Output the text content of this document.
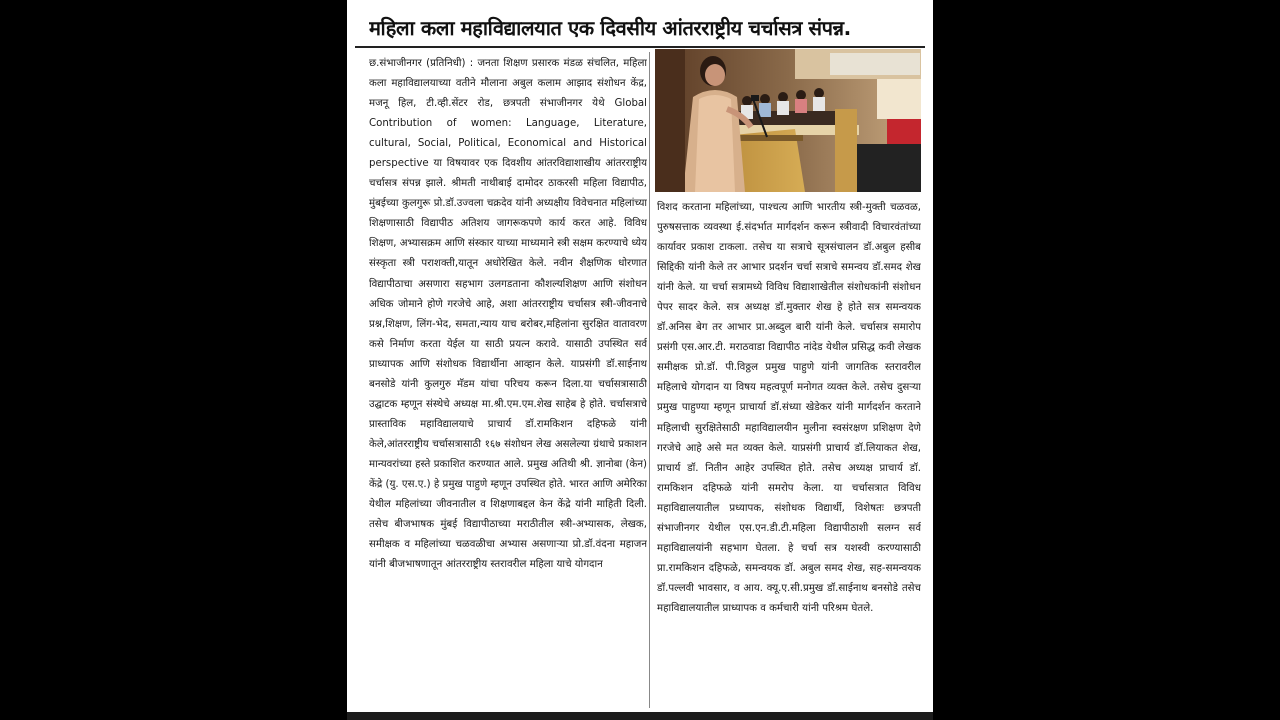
महिला कला महाविद्यालयात एक दिवसीय आंतरराष्ट्रीय चर्चासत्र संपन्न.
छ.संभाजीनगर (प्रतिनिधी) : जनता शिक्षण प्रसारक मंडळ संचलित, महिला कला महाविद्यालयाच्या वतीने मौलाना अबुल कलाम आझाद संशोधन केंद्र, मजनू हिल, टी.व्ही.सेंटर रोड, छत्रपती संभाजीनगर येथे Global Contribution of women: Language, Literature, cultural, Social, Political, Economical and Historical perspective या विषयावर एक दिवशीय आंतरविद्याशाखीय आंतरराष्ट्रीय चर्चासत्र संपन्न झाले. श्रीमती नाथीबाई दामोदर ठाकरसी महिला विद्यापीठ, मुंबईच्या कुलगुरू प्रो.डॉ.उज्वला चक्रदेव यांनी अध्यक्षीय विवेचनात महिलांच्या शिक्षणासाठी विद्यापीठ अतिशय जागरूकपणे कार्य करत आहे. विविध शिक्षण, अभ्यासक्रम आणि संस्कार याच्या माध्यमाने स्त्री सक्षम करण्याचे ध्येय संस्कृता स्त्री पराशक्ती,यातून अधोरेखित केले. नवीन शैक्षणिक धोरणात विद्यापीठाचा असणारा सहभाग उलगडताना कौशल्यशिक्षण आणि संशोधन अधिक जोमाने होणे गरजेचे आहे, अशा आंतरराष्ट्रीय चर्चासत्र स्त्री-जीवनाचे प्रश्न,शिक्षण, लिंग-भेद, समता,न्याय याच बरोबर,महिलांना सुरक्षित वातावरण कसे निर्माण करता येईल या साठी प्रयत्न करावे. यासाठी उपस्थित सर्व प्राध्यापक आणि संशोधक विद्यार्थीना आव्हान केले. याप्रसंगी डॉ.साईनाथ बनसोडे यांनी कुलगुरु मॅडम यांचा परिचय करून दिला.या चर्चासत्रासाठी उद्घाटक म्हणून संस्थेचे अध्यक्ष मा.श्री.एम.एम.शेख साहेब हे होते. चर्चासत्राचे प्रास्ताविक महाविद्यालयाचे प्राचार्य डॉ.रामकिशन दहिफळे यांनी केले,आंतरराष्ट्रीय चर्चासत्रासाठी १६७ संशोधन लेख असलेल्या ग्रंथाचे प्रकाशन मान्यवरांच्या हस्ते प्रकाशित करण्यात आले. प्रमुख अतिथी श्री. ज्ञानोबा (केन) केंद्रे (यु. एस.ए.) हे प्रमुख पाहुणे म्हणून उपस्थित होते. भारत आणि अमेरिका येथील महिलांच्या जीवनातील व शिक्षणाबद्दल केन केंद्रे यांनी माहिती दिली. तसेच बीजभाषक मुंबई विद्यापीठाच्या मराठीतील स्त्री-अभ्यासक, लेखक, समीक्षक व महिलांच्या चळवळीचा अभ्यास असणाऱ्या प्रो.डॉ.वंदना महाजन यांनी बीजभाषणातून आंतरराष्ट्रीय स्तरावरील महिला याचे योगदान
विशद करताना महिलांच्या, पाश्चत्य आणि भारतीय स्त्री-मुक्ती चळवळ, पुरुषसत्ताक व्यवस्था ई.संदर्भात मार्गदर्शन करून स्त्रीवादी विचारवंतांच्या कार्यावर प्रकाश टाकला. तसेच या सत्राचे सूत्रसंचालन डॉ.अबुल हसीब सिद्दिकी यांनी केले तर आभार प्रदर्शन चर्चा सत्राचे समन्वय डॉ.समद शेख यांनी केले. या चर्चा सत्रामध्ये विविध विद्याशाखेतील संशोधकांनी संशोधन पेपर सादर केले. सत्र अध्यक्ष डॉ.मुक्तार शेख हे होते सत्र समन्वयक डॉ.अनिस बेग तर आभार प्रा.अब्दुल बारी यांनी केले. चर्चासत्र समारोप प्रसंगी एस.आर.टी. मराठवाडा विद्यापीठ नांदेड येथील प्रसिद्ध कवी लेखक समीक्षक प्रो.डॉ. पी.विठ्ठल प्रमुख पाहुणे यांनी जागतिक स्तरावरील महिलाचे योगदान या विषय महत्वपूर्ण मनोगत व्यक्त केले. तसेच दुसऱ्या प्रमुख पाहुण्या म्हणून प्राचार्या डॉ.संध्या खेडेकर यांनी मार्गदर्शन करताने महिलाची सुरक्षितेसाठी महाविद्यालयीन मुलीना स्वसंरक्षण प्रशिक्षण देणे गरजेचे आहे असे मत व्यक्त केले. याप्रसंगी प्राचार्य डॉ.लियाकत शेख, प्राचार्य डॉ. नितीन आहेर उपस्थित होते. तसेच अध्यक्ष प्राचार्य डॉ. रामकिशन दहिफळे यांनी समरोप केला. या चर्चासत्रात विविध महाविद्यालयातील प्रध्यापक, संशोधक विद्यार्थी, विशेषतः छत्रपती संभाजीनगर येथील एस.एन.डी.टी.महिला विद्यापीठाशी सलग्न सर्व महाविद्यालयांनी सहभाग घेतला. हे चर्चा सत्र यशस्वी करण्यासाठी प्रा.रामकिशन दहिफळे, समन्वयक डॉ. अबुल समद शेख, सह-समन्वयक डॉ.पल्लवी भावसार, व आय. क्यू.ए.सी.प्रमुख डॉ.साईनाथ बनसोडे तसेच महाविद्यालयातील प्राध्यापक व कर्मचारी यांनी परिश्रम घेतले.
